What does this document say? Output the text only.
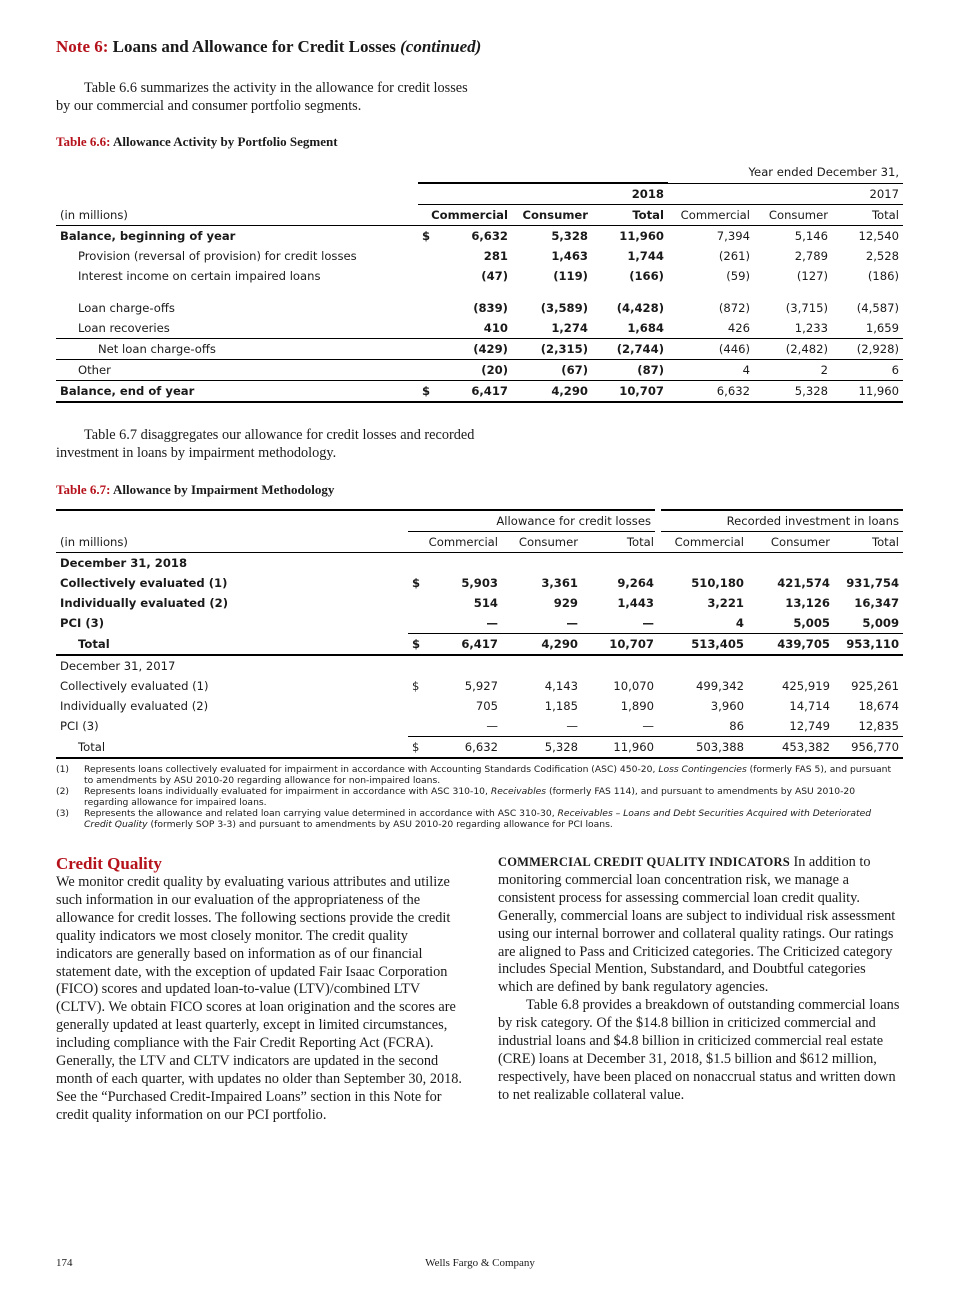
Note 6: Loans and Allowance for Credit Losses (continued)

Table 6.6 summarizes the activity in the allowance for credit losses by our commercial and consumer portfolio segments.

Table 6.6: Allowance Activity by Portfolio Segment
					Year ended December 31,		
	2018				2017		
(in millions)	Commercial		Consumer	Total	Commercial	Consumer	Total
Balance, beginning of year	$	6,632	5,328	11,960	7,394	5,146	12,540
Provision (reversal of provision) for credit losses		281	1,463	1,744	(261)	2,789	2,528
Interest income on certain impaired loans		(47)	(119)	(166)	(59)	(127)	(186)

Loan charge-offs		(839)	(3,589)	(4,428)	(872)	(3,715)	(4,587)
Loan recoveries		410	1,274	1,684	426	1,233	1,659
Net loan charge-offs		(429)	(2,315)	(2,744)	(446)	(2,482)	(2,928)
Other		(20)	(67)	(87)	4	2	6
Balance, end of year	$	6,417	4,290	10,707	6,632	5,328	11,960

Table 6.7 disaggregates our allowance for credit losses and recorded investment in loans by impairment methodology.

Table 6.7: Allowance by Impairment Methodology
	Allowance for credit losses				Recorded investment in loans		
(in millions)	Commercial		Consumer	Total	Commercial	Consumer	Total
December 31, 2018							
Collectively evaluated (1)	$	5,903	3,361	9,264	510,180	421,574	931,754
Individually evaluated (2)		514	929	1,443	3,221	13,126	16,347
PCI (3)		—	—	—	4	5,005	5,009
Total	$	6,417	4,290	10,707	513,405	439,705	953,110
December 31, 2017							
Collectively evaluated (1)	$	5,927	4,143	10,070	499,342	425,919	925,261
Individually evaluated (2)		705	1,185	1,890	3,960	14,714	18,674
PCI (3)		—	—	—	86	12,749	12,835
Total	$	6,632	5,328	11,960	503,388	453,382	956,770
(1)	Represents loans collectively evaluated for impairment in accordance with Accounting Standards Codification (ASC) 450-20, Loss Contingencies (formerly FAS 5), and pursuant to amendments by ASU 2010-20 regarding allowance for non-impaired loans.
(2)	Represents loans individually evaluated for impairment in accordance with ASC 310-10, Receivables (formerly FAS 114), and pursuant to amendments by ASU 2010-20 regarding allowance for impaired loans.
(3)	Represents the allowance and related loan carrying value determined in accordance with ASC 310-30, Receivables – Loans and Debt Securities Acquired with Deteriorated Credit Quality (formerly SOP 3-3) and pursuant to amendments by ASU 2010-20 regarding allowance for PCI loans.
Credit Quality

We monitor credit quality by evaluating various attributes and utilize such information in our evaluation of the appropriateness of the allowance for credit losses. The following sections provide the credit quality indicators we most closely monitor. The credit quality indicators are generally based on information as of our financial statement date, with the exception of updated Fair Isaac Corporation (FICO) scores and updated loan-to-value (LTV)/combined LTV (CLTV). We obtain FICO scores at loan origination and the scores are generally updated at least quarterly, except in limited circumstances, including compliance with the Fair Credit Reporting Act (FCRA). Generally, the LTV and CLTV indicators are updated in the second month of each quarter, with updates no older than September 30, 2018. See the “Purchased Credit-Impaired Loans” section in this Note for credit quality information on our PCI portfolio.

COMMERCIAL CREDIT QUALITY INDICATORS In addition to monitoring commercial loan concentration risk, we manage a consistent process for assessing commercial loan credit quality. Generally, commercial loans are subject to individual risk assessment using our internal borrower and collateral quality ratings. Our ratings are aligned to Pass and Criticized categories. The Criticized category includes Special Mention, Substandard, and Doubtful categories which are defined by bank regulatory agencies.

Table 6.8 provides a breakdown of outstanding commercial loans by risk category. Of the $14.8 billion in criticized commercial and industrial loans and $4.8 billion in criticized commercial real estate (CRE) loans at December 31, 2018, $1.5 billion and $612 million, respectively, have been placed on nonaccrual status and written down to net realizable collateral value.

174	Wells Fargo & Company
